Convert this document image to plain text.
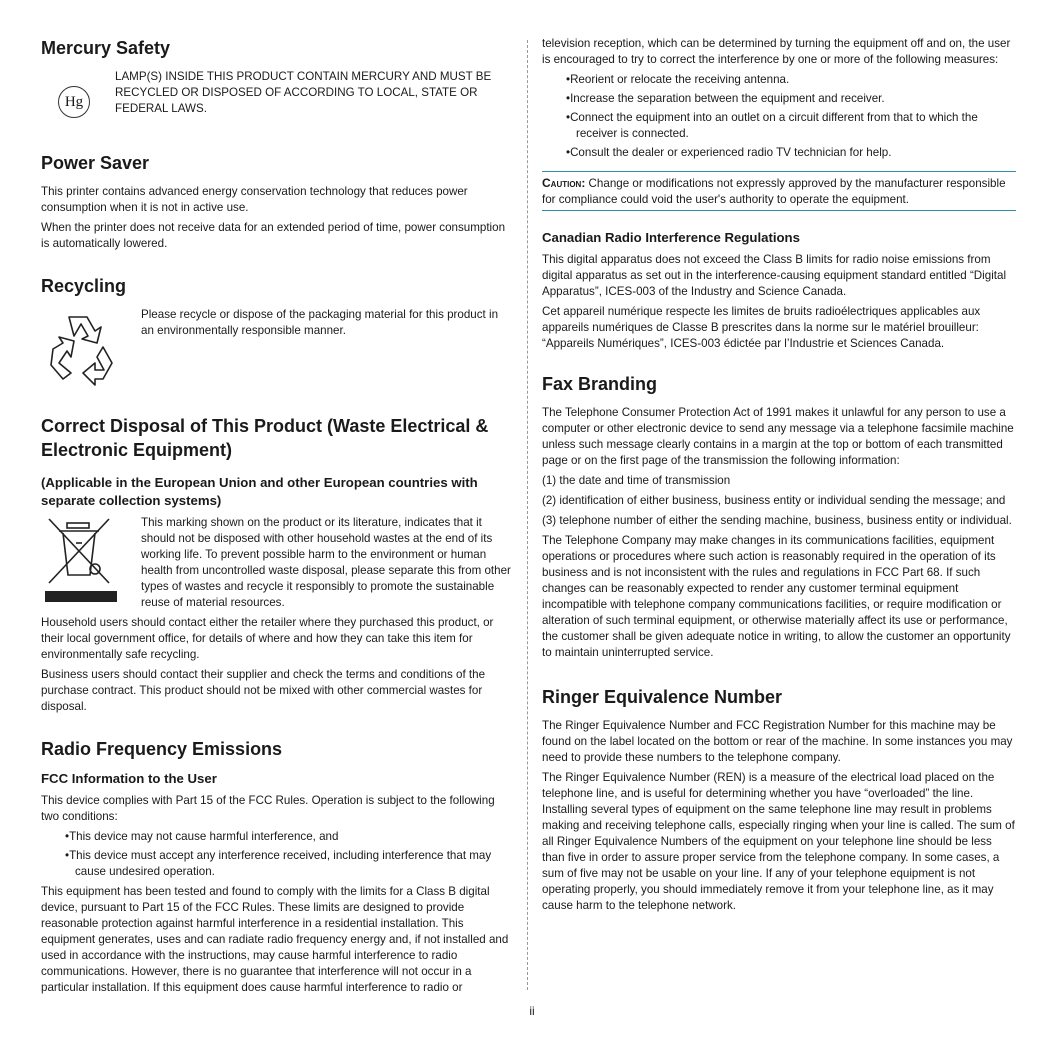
Mercury Safety
Hg

LAMP(S) INSIDE THIS PRODUCT CONTAIN MERCURY AND MUST BE RECYCLED OR DISPOSED OF ACCORDING TO LOCAL, STATE OR FEDERAL LAWS.

Power Saver

This printer contains advanced energy conservation technology that reduces power consumption when it is not in active use.

When the printer does not receive data for an extended period of time, power consumption is automatically lowered.

Recycling

Please recycle or dispose of the packaging material for this product in an environmentally responsible manner.

Correct Disposal of This Product (Waste Electrical & Electronic Equipment)
(Applicable in the European Union and other European countries with separate collection systems)

This marking shown on the product or its literature, indicates that it should not be disposed with other household wastes at the end of its working life. To prevent possible harm to the environment or human health from uncontrolled waste disposal, please separate this from other types of wastes and recycle it responsibly to promote the sustainable reuse of material resources.

Household users should contact either the retailer where they purchased this product, or their local government office, for details of where and how they can take this item for environmentally safe recycling.

Business users should contact their supplier and check the terms and conditions of the purchase contract. This product should not be mixed with other commercial wastes for disposal.

Radio Frequency Emissions
FCC Information to the User

This device complies with Part 15 of the FCC Rules. Operation is subject to the following two conditions:

• This device may not cause harmful interference, and
• This device must accept any interference received, including interference that may cause undesired operation.

This equipment has been tested and found to comply with the limits for a Class B digital device, pursuant to Part 15 of the FCC Rules. These limits are designed to provide reasonable protection against harmful interference in a residential installation. This equipment generates, uses and can radiate radio frequency energy and, if not installed and used in accordance with the instructions, may cause harmful interference to radio communications. However, there is no guarantee that interference will not occur in a particular installation. If this equipment does cause harmful interference to radio or

television reception, which can be determined by turning the equipment off and on, the user is encouraged to try to correct the interference by one or more of the following measures:

• Reorient or relocate the receiving antenna.
• Increase the separation between the equipment and receiver.
• Connect the equipment into an outlet on a circuit different from that to which the receiver is connected.
• Consult the dealer or experienced radio TV technician for help.

Caution: Change or modifications not expressly approved by the manufacturer responsible for compliance could void the user's authority to operate the equipment.

Canadian Radio Interference Regulations

This digital apparatus does not exceed the Class B limits for radio noise emissions from digital apparatus as set out in the interference-causing equipment standard entitled “Digital Apparatus”, ICES-003 of the Industry and Science Canada.

Cet appareil numérique respecte les limites de bruits radioélectriques applicables aux appareils numériques de Classe B prescrites dans la norme sur le matériel brouilleur: “Appareils Numériques”, ICES-003 édictée par l’Industrie et Sciences Canada.

Fax Branding

The Telephone Consumer Protection Act of 1991 makes it unlawful for any person to use a computer or other electronic device to send any message via a telephone facsimile machine unless such message clearly contains in a margin at the top or bottom of each transmitted page or on the first page of the transmission the following information:

(1) the date and time of transmission

(2) identification of either business, business entity or individual sending the message; and

(3) telephone number of either the sending machine, business, business entity or individual.

The Telephone Company may make changes in its communications facilities, equipment operations or procedures where such action is reasonably required in the operation of its business and is not inconsistent with the rules and regulations in FCC Part 68. If such changes can be reasonably expected to render any customer terminal equipment incompatible with telephone company communications facilities, or require modification or alteration of such terminal equipment, or otherwise materially affect its use or performance, the customer shall be given adequate notice in writing, to allow the customer an opportunity to maintain uninterrupted service.

Ringer Equivalence Number

The Ringer Equivalence Number and FCC Registration Number for this machine may be found on the label located on the bottom or rear of the machine. In some instances you may need to provide these numbers to the telephone company.

The Ringer Equivalence Number (REN) is a measure of the electrical load placed on the telephone line, and is useful for determining whether you have “overloaded” the line. Installing several types of equipment on the same telephone line may result in problems making and receiving telephone calls, especially ringing when your line is called. The sum of all Ringer Equivalence Numbers of the equipment on your telephone line should be less than five in order to assure proper service from the telephone company. In some cases, a sum of five may not be usable on your line. If any of your telephone equipment is not operating properly, you should immediately remove it from your telephone line, as it may cause harm to the telephone network.

ii
